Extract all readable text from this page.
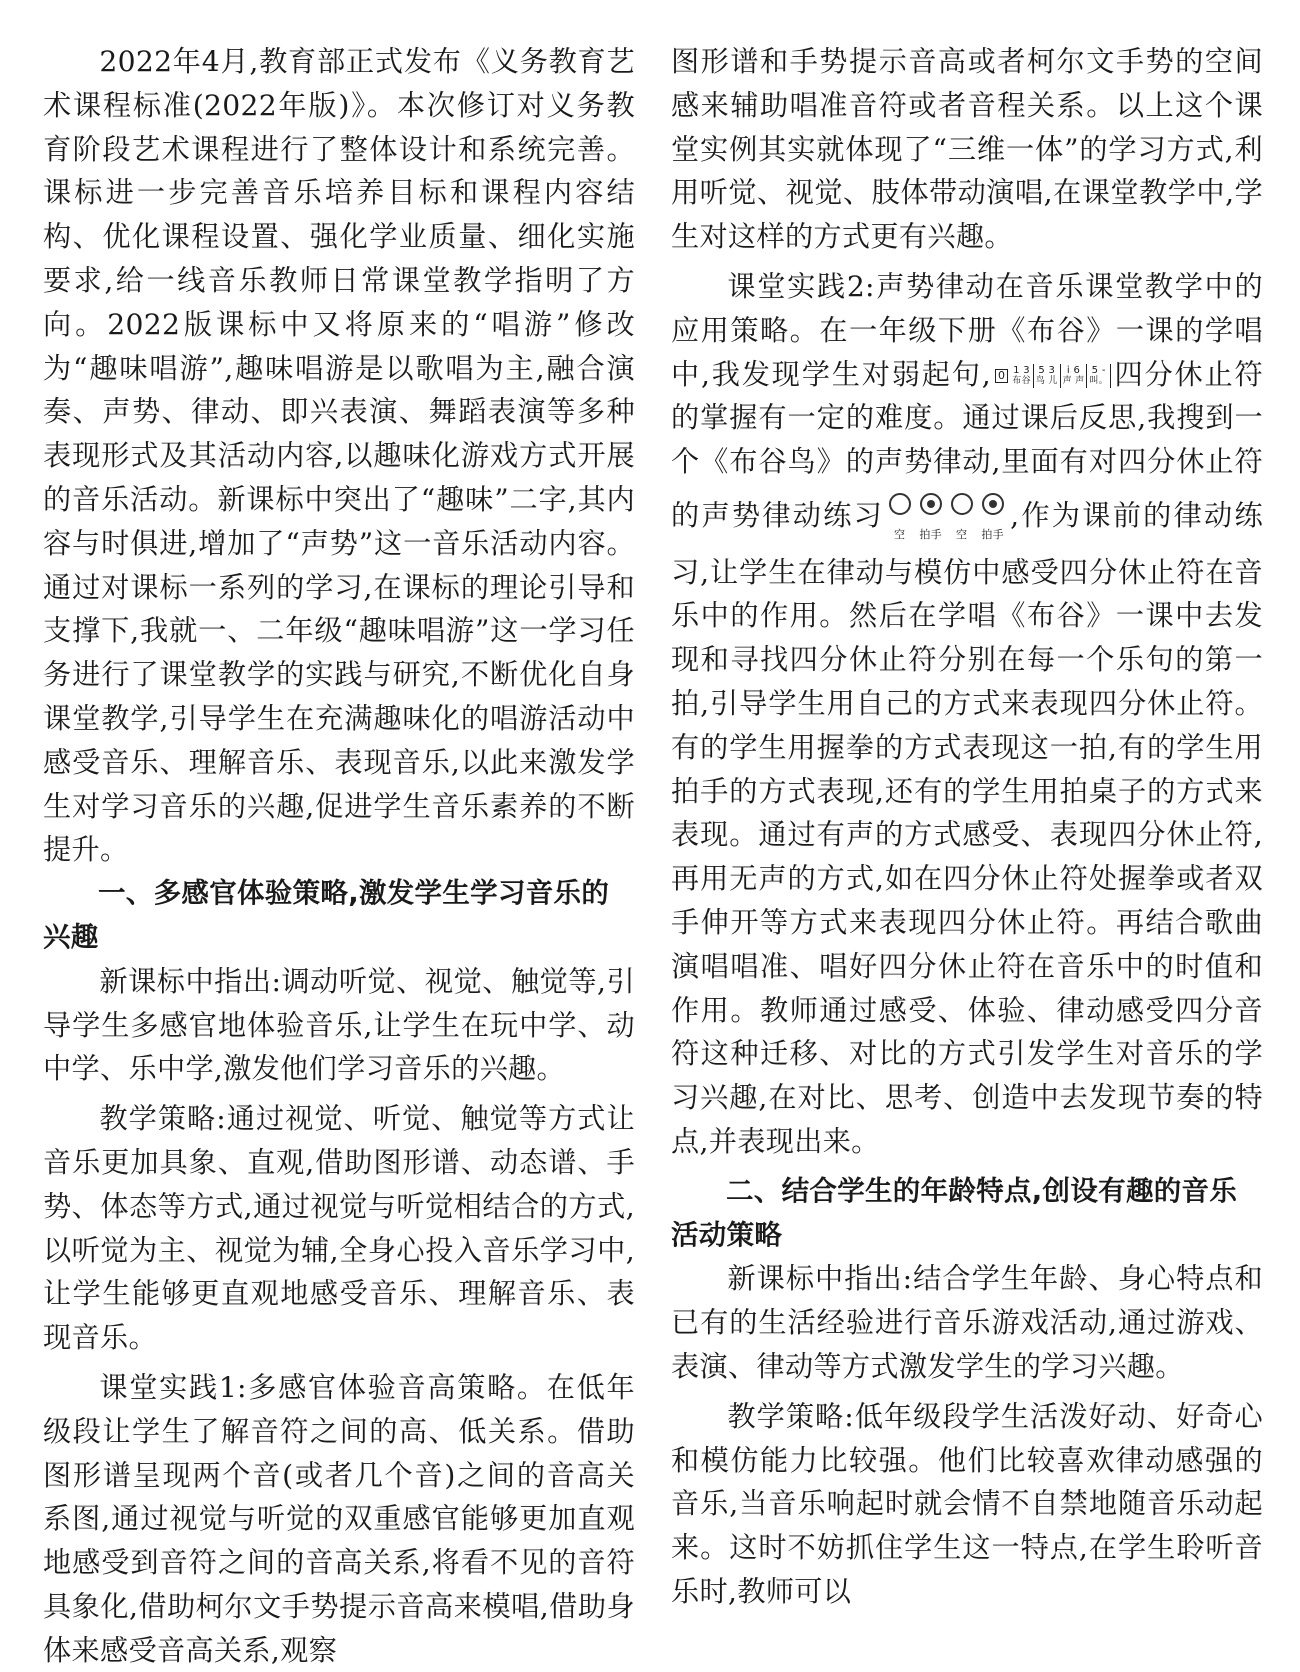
2022年4月,教育部正式发布《义务教育艺术课程标准(2022年版)》。本次修订对义务教育阶段艺术课程进行了整体设计和系统完善。课标进一步完善音乐培养目标和课程内容结构、优化课程设置、强化学业质量、细化实施要求,给一线音乐教师日常课堂教学指明了方向。2022版课标中又将原来的“唱游”修改为“趣味唱游”,趣味唱游是以歌唱为主,融合演奏、声势、律动、即兴表演、舞蹈表演等多种表现形式及其活动内容,以趣味化游戏方式开展的音乐活动。新课标中突出了“趣味”二字,其内容与时俱进,增加了“声势”这一音乐活动内容。通过对课标一系列的学习,在课标的理论引导和支撑下,我就一、二年级“趣味唱游”这一学习任务进行了课堂教学的实践与研究,不断优化自身课堂教学,引导学生在充满趣味化的唱游活动中感受音乐、理解音乐、表现音乐,以此来激发学生对学习音乐的兴趣,促进学生音乐素养的不断提升。

一、多感官体验策略,激发学生学习音乐的兴趣

新课标中指出:调动听觉、视觉、触觉等,引导学生多感官地体验音乐,让学生在玩中学、动中学、乐中学,激发他们学习音乐的兴趣。

教学策略:通过视觉、听觉、触觉等方式让音乐更加具象、直观,借助图形谱、动态谱、手势、体态等方式,通过视觉与听觉相结合的方式,以听觉为主、视觉为辅,全身心投入音乐学习中,让学生能够更直观地感受音乐、理解音乐、表现音乐。

课堂实践1:多感官体验音高策略。在低年级段让学生了解音符之间的高、低关系。借助图形谱呈现两个音(或者几个音)之间的音高关系图,通过视觉与听觉的双重感官能够更加直观地感受到音符之间的音高关系,将看不见的音符具象化,借助柯尔文手势提示音高来模唱,借助身体来感受音高关系,观察

图形谱和手势提示音高或者柯尔文手势的空间感来辅助唱准音符或者音程关系。以上这个课堂实例其实就体现了“三维一体”的学习方式,利用听觉、视觉、肢体带动演唱,在课堂教学中,学生对这样的方式更有兴趣。

课堂实践2:声势律动在音乐课堂教学中的应用策略。在一年级下册《布谷》一课的学唱中,我发现学生对弱起句, 0 1 3
布谷
5 3
鸟 儿
i 6
声 声
5 -
叫。 四分休止符的掌握有一定的难度。通过课后反思,我搜到一个《布谷鸟》的声势律动,里面有对四分休止符的声势律动练习
空	拍手	空	拍手
,作为课前的律动练习,让学生在律动与模仿中感受四分休止符在音乐中的作用。然后在学唱《布谷》一课中去发现和寻找四分休止符分别在每一个乐句的第一拍,引导学生用自己的方式来表现四分休止符。有的学生用握拳的方式表现这一拍,有的学生用拍手的方式表现,还有的学生用拍桌子的方式来表现。通过有声的方式感受、表现四分休止符,再用无声的方式,如在四分休止符处握拳或者双手伸开等方式来表现四分休止符。再结合歌曲演唱唱准、唱好四分休止符在音乐中的时值和作用。教师通过感受、体验、律动感受四分音符这种迁移、对比的方式引发学生对音乐的学习兴趣,在对比、思考、创造中去发现节奏的特点,并表现出来。

二、结合学生的年龄特点,创设有趣的音乐活动策略

新课标中指出:结合学生年龄、身心特点和已有的生活经验进行音乐游戏活动,通过游戏、表演、律动等方式激发学生的学习兴趣。

教学策略:低年级段学生活泼好动、好奇心和模仿能力比较强。他们比较喜欢律动感强的音乐,当音乐响起时就会情不自禁地随音乐动起来。这时不妨抓住学生这一特点,在学生聆听音乐时,教师可以
